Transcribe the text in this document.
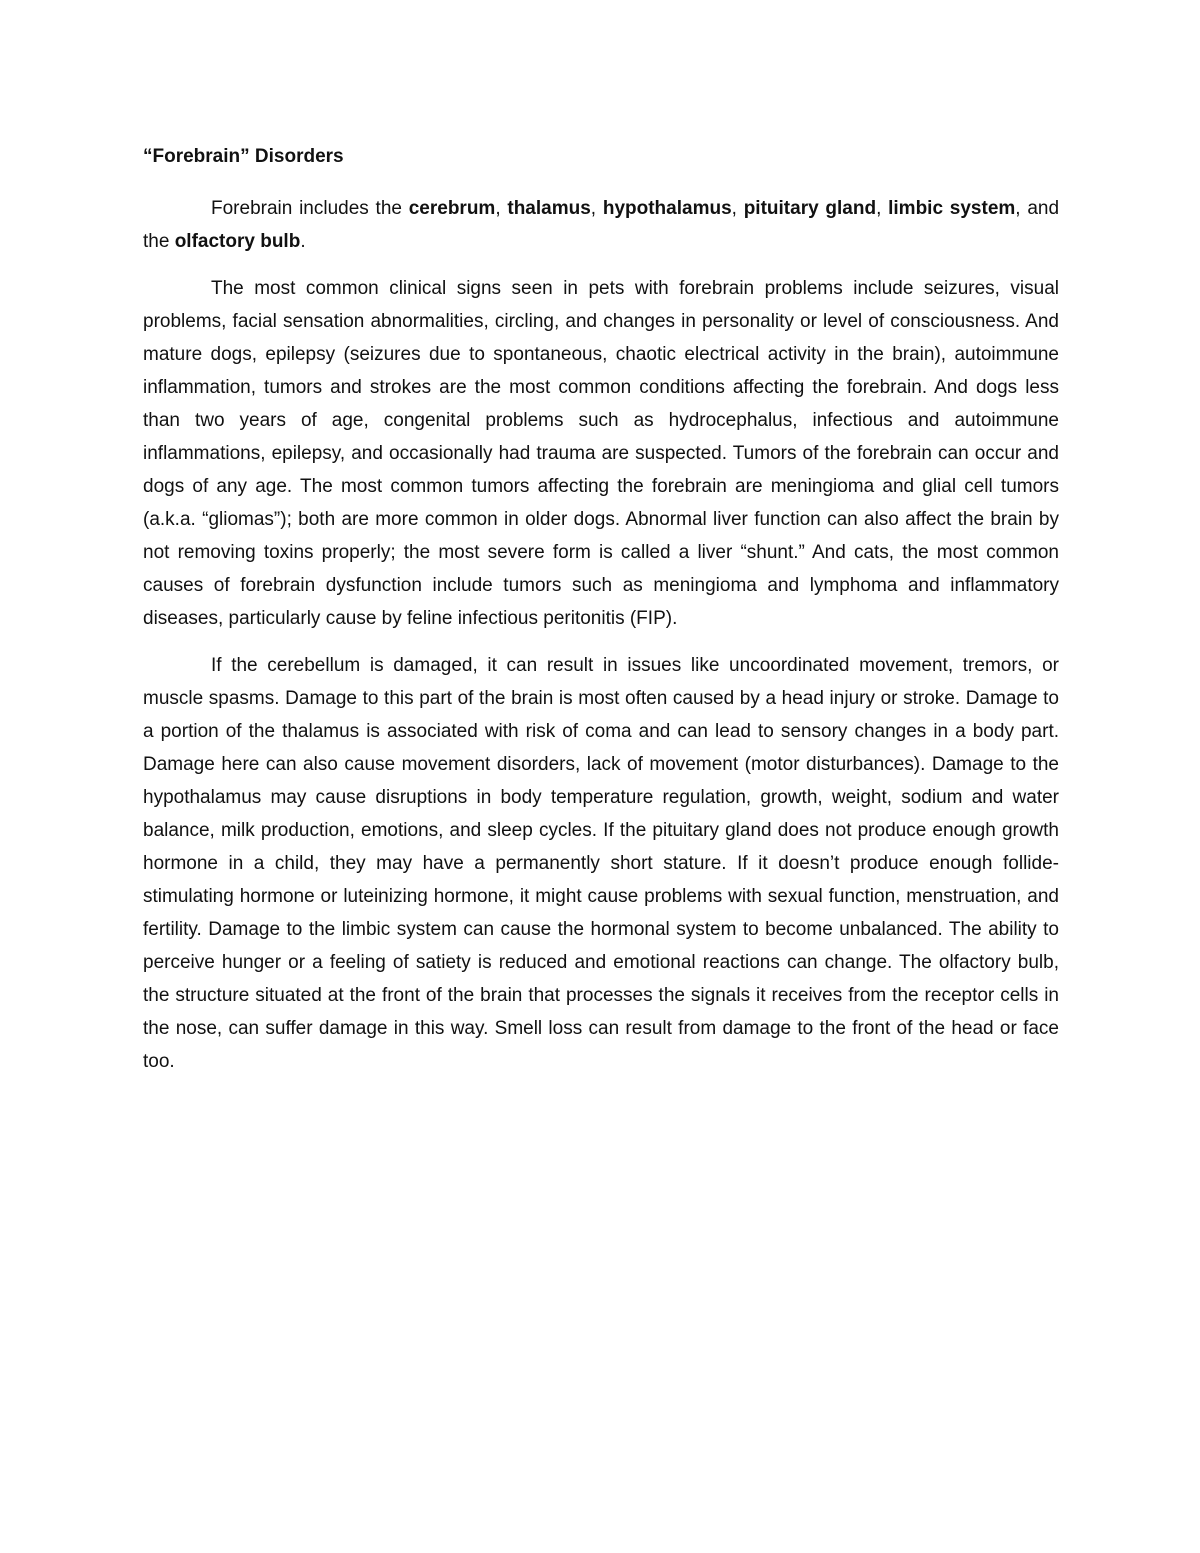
“Forebrain” Disorders

Forebrain includes the cerebrum, thalamus, hypothalamus, pituitary gland, limbic system, and the olfactory bulb.

The most common clinical signs seen in pets with forebrain problems include seizures, visual problems, facial sensation abnormalities, circling, and changes in personality or level of consciousness. And mature dogs, epilepsy (seizures due to spontaneous, chaotic electrical activity in the brain), autoimmune inflammation, tumors and strokes are the most common conditions affecting the forebrain. And dogs less than two years of age, congenital problems such as hydrocephalus, infectious and autoimmune inflammations, epilepsy, and occasionally had trauma are suspected. Tumors of the forebrain can occur and dogs of any age. The most common tumors affecting the forebrain are meningioma and glial cell tumors (a.k.a. “gliomas”); both are more common in older dogs. Abnormal liver function can also affect the brain by not removing toxins properly; the most severe form is called a liver “shunt.” And cats, the most common causes of forebrain dysfunction include tumors such as meningioma and lymphoma and inflammatory diseases, particularly cause by feline infectious peritonitis (FIP).

If the cerebellum is damaged, it can result in issues like uncoordinated movement, tremors, or muscle spasms. Damage to this part of the brain is most often caused by a head injury or stroke. Damage to a portion of the thalamus is associated with risk of coma and can lead to sensory changes in a body part. Damage here can also cause movement disorders, lack of movement (motor disturbances). Damage to the hypothalamus may cause disruptions in body temperature regulation, growth, weight, sodium and water balance, milk production, emotions, and sleep cycles. If the pituitary gland does not produce enough growth hormone in a child, they may have a permanently short stature. If it doesn’t produce enough follide-stimulating hormone or luteinizing hormone, it might cause problems with sexual function, menstruation, and fertility. Damage to the limbic system can cause the hormonal system to become unbalanced. The ability to perceive hunger or a feeling of satiety is reduced and emotional reactions can change. The olfactory bulb, the structure situated at the front of the brain that processes the signals it receives from the receptor cells in the nose, can suffer damage in this way. Smell loss can result from damage to the front of the head or face too.
